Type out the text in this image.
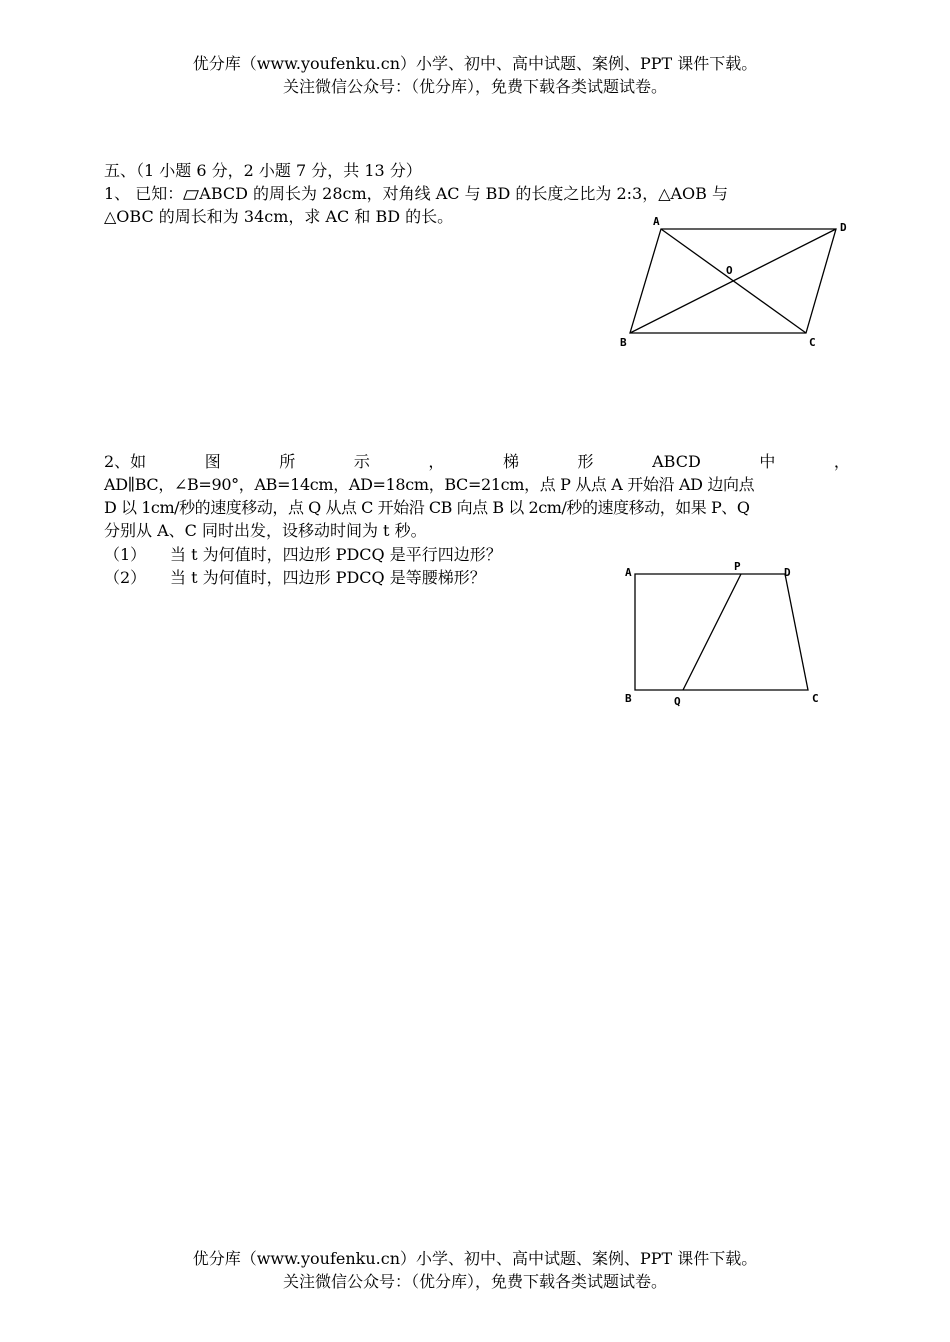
优分库（www.youfenku.cn）小学、初中、高中试题、案例、PPT 课件下载。
关注微信公众号：（优分库），免费下载各类试题试卷。
五、（1 小题 6 分，2 小题 7 分，共 13 分）
1、 已知： ABCD 的周长为 28cm，对角线 AC 与 BD 的长度之比为 2:3，△AOB 与
△OBC 的周长和为 34cm，求 AC 和 BD 的长。	A	D
O
B	C
2、如	图	所	示	，	梯	形	ABCD	中	，
AD∥BC，∠B=90°，AB=14cm，AD=18cm，BC=21cm，点 P 从点 A 开始沿 AD 边向点
D 以 1cm/秒的速度移动，点 Q 从点 C 开始沿 CB 向点 B 以 2cm/秒的速度移动，如果 P、Q
分别从 A、C 同时出发，设移动时间为 t 秒。
（1） 当 t 为何值时，四边形 PDCQ 是平行四边形？
（2） 当 t 为何值时，四边形 PDCQ 是等腰梯形？	A	P	D
B	Q	C
优分库（www.youfenku.cn）小学、初中、高中试题、案例、PPT 课件下载。
关注微信公众号：（优分库），免费下载各类试题试卷。
